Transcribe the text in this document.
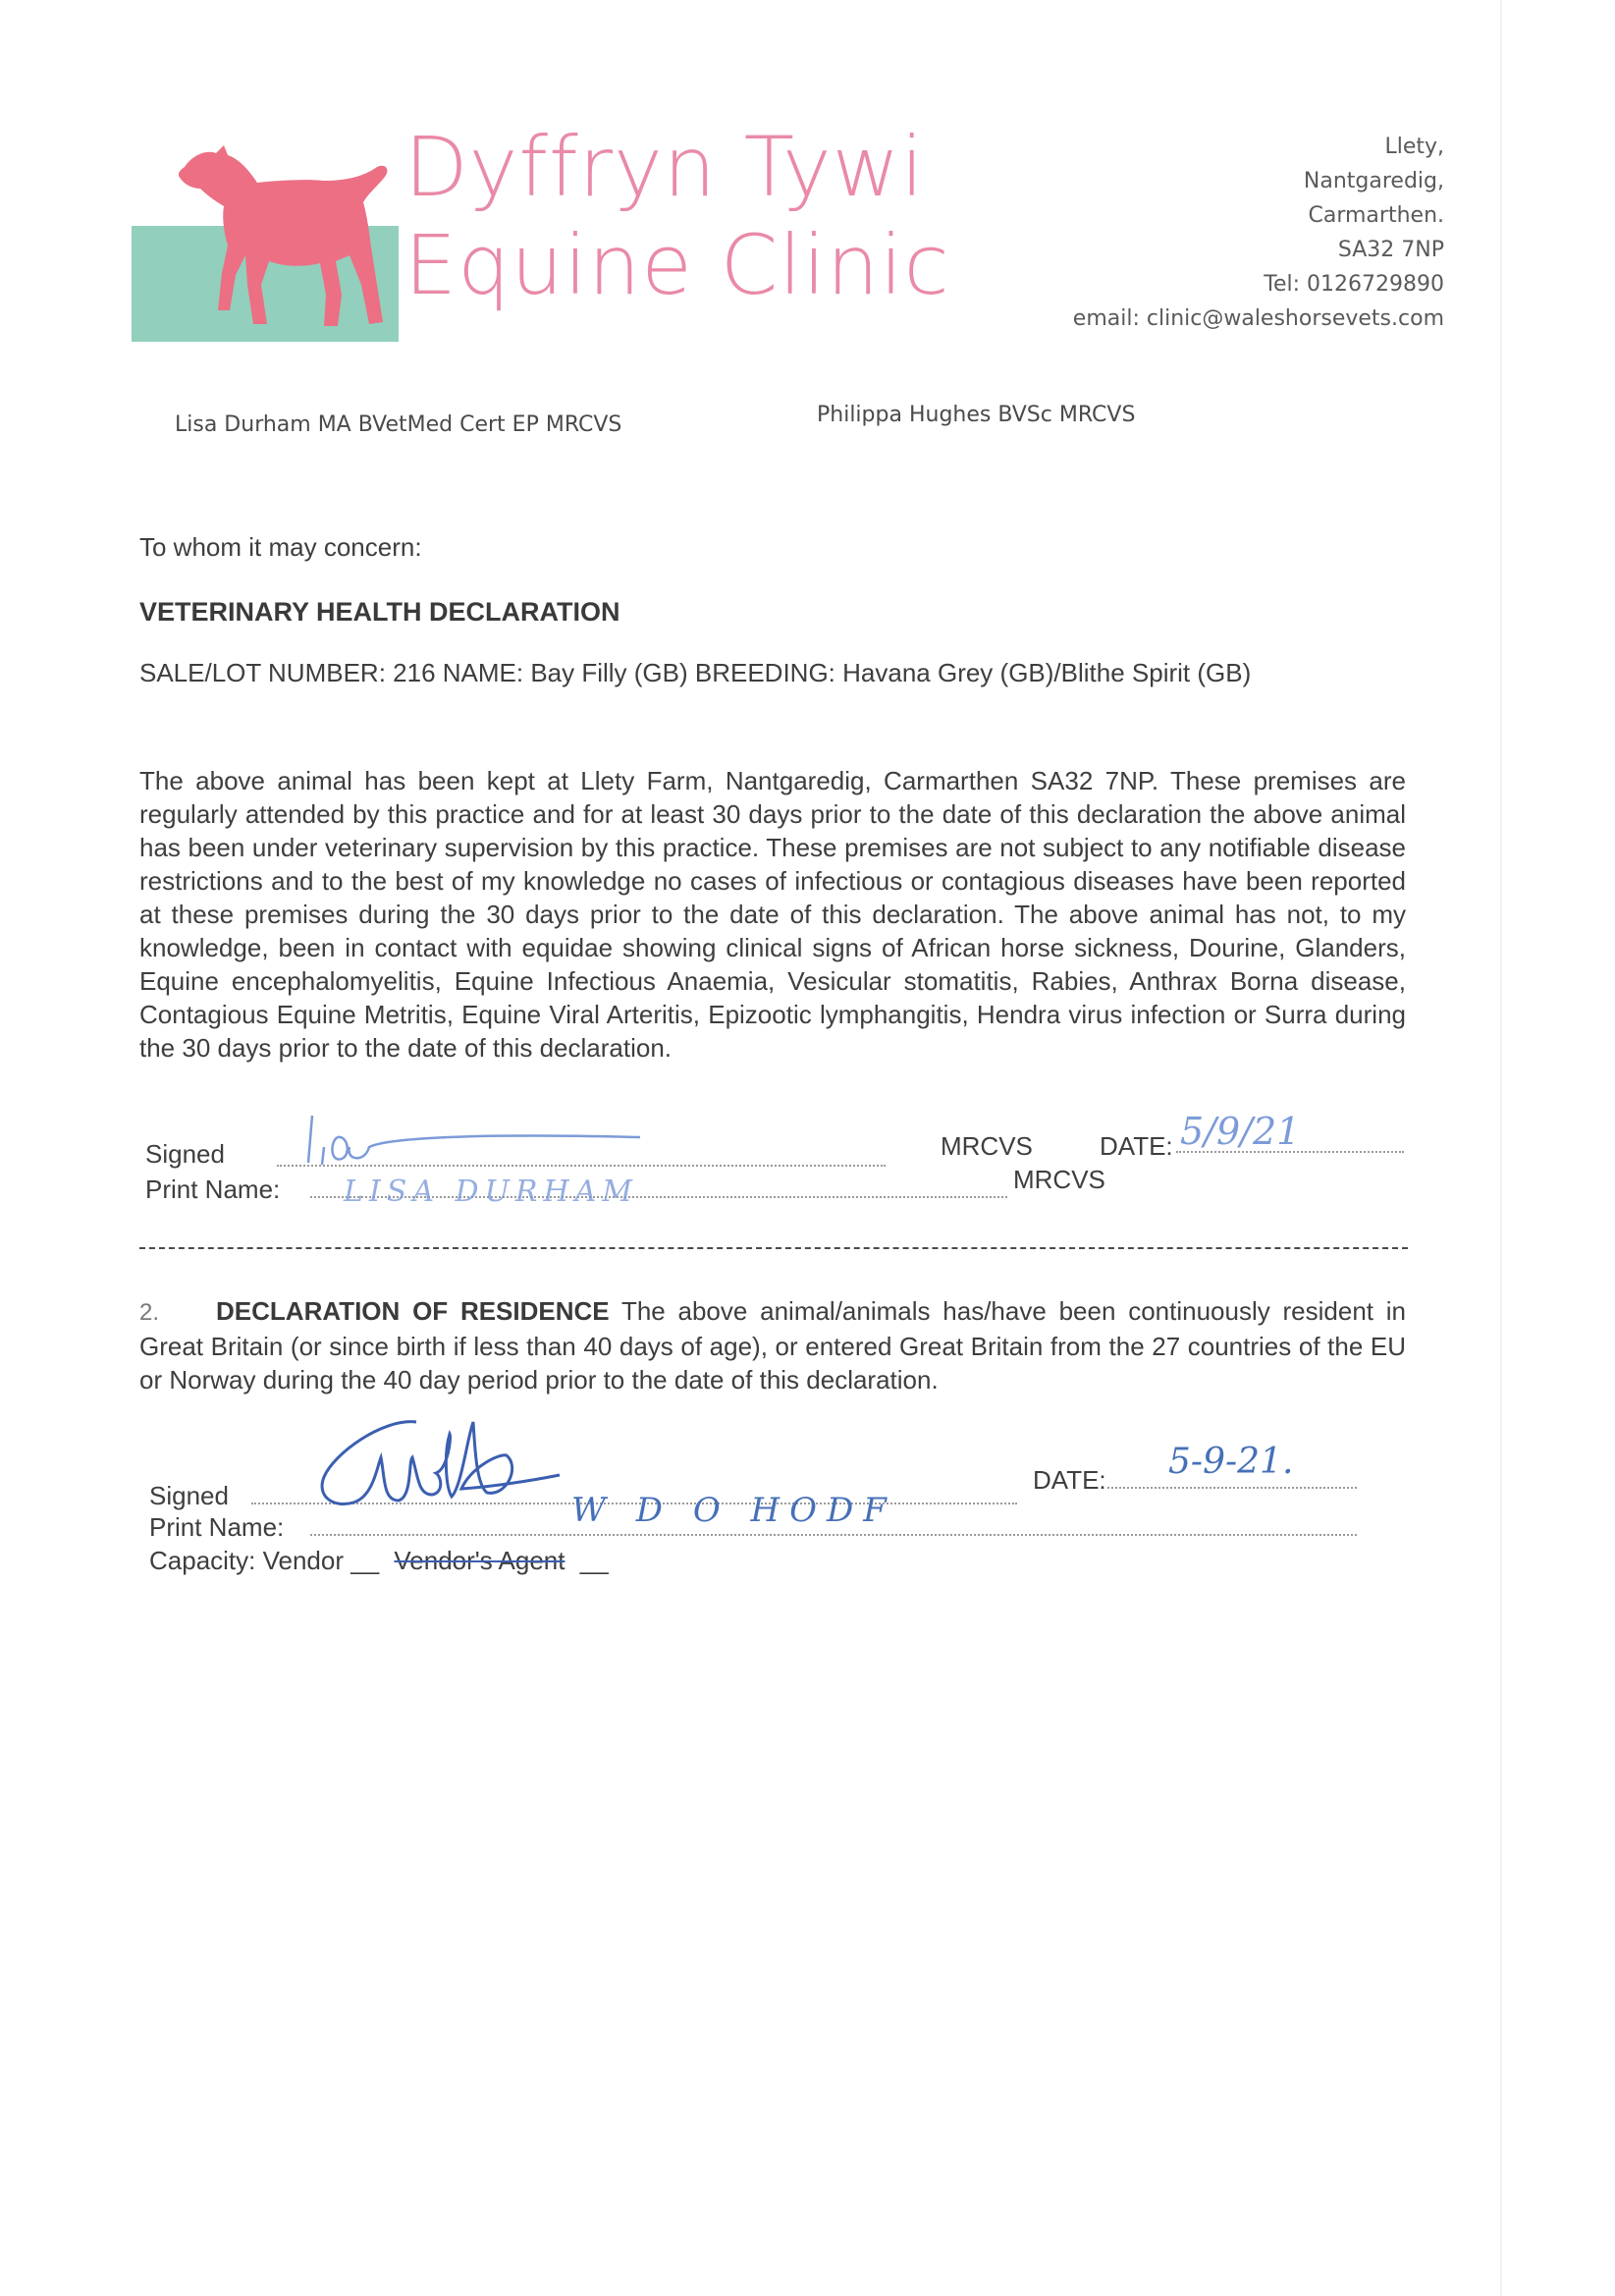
Dyffryn Tywi
Equine Clinic
Llety,
Nantgaredig,
Carmarthen.
SA32 7NP
Tel: 0126729890
email: clinic@waleshorsevets.com
Lisa Durham MA BVetMed Cert EP MRCVS	Philippa Hughes BVSc MRCVS
To whom it may concern:
VETERINARY HEALTH DECLARATION
SALE/LOT NUMBER: 216 NAME: Bay Filly (GB) BREEDING: Havana Grey (GB)/Blithe Spirit (GB)
The above animal has been kept at Llety Farm, Nantgaredig, Carmarthen SA32 7NP. These premises are regularly attended by this practice and for at least 30 days prior to the date of this declaration the above animal has been under veterinary supervision by this practice. These premises are not subject to any notifiable disease restrictions and to the best of my knowledge no cases of infectious or contagious diseases have been reported at these premises during the 30 days prior to the date of this declaration. The above animal has not, to my knowledge, been in contact with equidae showing clinical signs of African horse sickness, Dourine, Glanders, Equine encephalomyelitis, Equine Infectious Anaemia, Vesicular stomatitis, Rabies, Anthrax Borna disease, Contagious Equine Metritis, Equine Viral Arteritis, Epizootic lymphangitis, Hendra virus infection or Surra during the 30 days prior to the date of this declaration.
Signed	MRCVS	DATE: 5/9/21
Print Name: LISA DURHAM	MRCVS
2. DECLARATION OF RESIDENCE The above animal/animals has/have been continuously resident in Great Britain (or since birth if less than 40 days of age), or entered Great Britain from the 27 countries of the EU or Norway during the 40 day period prior to the date of this declaration.
Signed
DATE: 5-9-21.
Print Name:	W D O HODF
Capacity: Vendor __ Vendor's Agent __
